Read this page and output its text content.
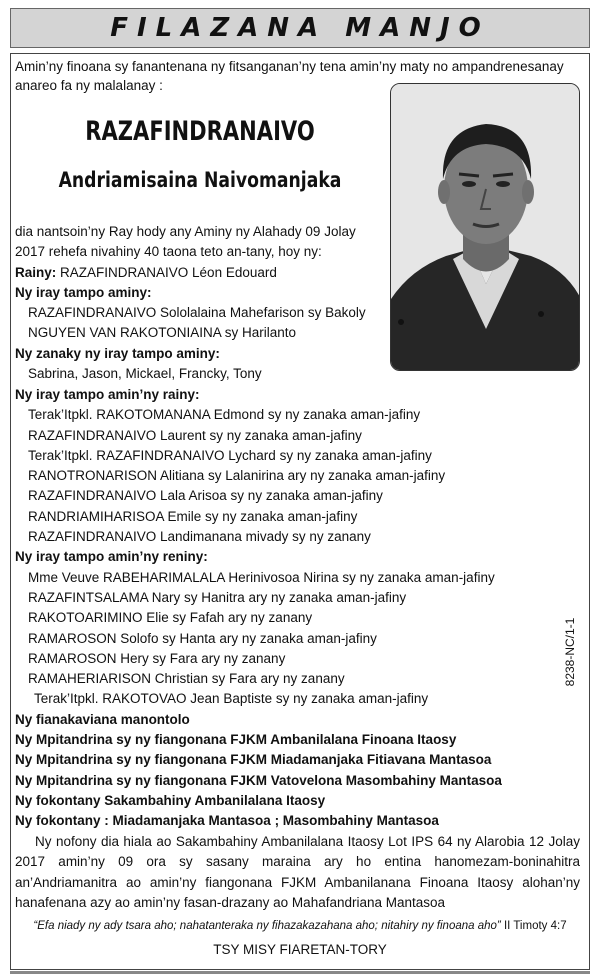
FILAZANA MANJO
Amin’ny finoana sy fanantenana ny fitsanganan’ny tena amin’ny maty no ampandrenesanay anareo fa ny malalanay :
RAZAFINDRANAIVO
Andriamisaina Naivomanjaka
dia nantsoin’ny Ray hody any Aminy ny Alahady 09 Jolay
2017 rehefa nivahiny 40 taona teto an-tany, hoy ny:
Rainy: RAZAFINDRANAIVO Léon Edouard
Ny iray tampo aminy:
RAZAFINDRANAIVO Sololalaina Mahefarison sy Bakoly
NGUYEN VAN RAKOTONIAINA sy Harilanto
Ny zanaky ny iray tampo aminy:
Sabrina, Jason, Mickael, Francky, Tony
Ny iray tampo amin’ny rainy:
Terak’Itpkl. RAKOTOMANANA Edmond sy ny zanaka aman-jafiny
RAZAFINDRANAIVO Laurent sy ny zanaka aman-jafiny
Terak’Itpkl. RAZAFINDRANAIVO Lychard sy ny zanaka aman-jafiny
RANOTRONARISON Alitiana sy Lalanirina ary ny zanaka aman-jafiny
RAZAFINDRANAIVO Lala Arisoa sy ny zanaka aman-jafiny
RANDRIAMIHARISOA Emile sy ny zanaka aman-jafiny
RAZAFINDRANAIVO Landimanana mivady sy ny zanany
Ny iray tampo amin’ny reniny:
Mme Veuve RABEHARIMALALA Herinivosoa Nirina sy ny zanaka aman-jafiny
RAZAFINTSALAMA Nary sy Hanitra ary ny zanaka aman-jafiny
RAKOTOARIMINO Elie sy Fafah ary ny zanany
RAMAROSON Solofo sy Hanta ary ny zanaka aman-jafiny
RAMAROSON Hery sy Fara ary ny zanany
RAMAHERIARISON Christian sy Fara ary ny zanany
Terak’Itpkl. RAKOTOVAO Jean Baptiste sy ny zanaka aman-jafiny
Ny fianakaviana manontolo
Ny Mpitandrina sy ny fiangonana FJKM Ambanilalana Finoana Itaosy
Ny Mpitandrina sy ny fiangonana FJKM Miadamanjaka Fitiavana Mantasoa
Ny Mpitandrina sy ny fiangonana FJKM Vatovelona Masombahiny Mantasoa
Ny fokontany Sakambahiny Ambanilalana Itaosy
Ny fokontany : Miadamanjaka Mantasoa ; Masombahiny Mantasoa
Ny nofony dia hiala ao Sakambahiny Ambanilalana Itaosy Lot IPS 64 ny Alarobia 12 Jolay 2017 amin’ny 09 ora sy sasany maraina ary ho entina hanomezam-boninahitra an’Andriamanitra ao amin’ny fiangonana FJKM Ambanilanana Finoana Itaosy alohan’ny hanafenana azy ao amin’ny fasan-drazany ao Mahafandriana Mantasoa
8238-NC/1-1
“Efa niady ny ady tsara aho; nahatanteraka ny fihazakazahana aho; nitahiry ny finoana aho” II Timoty 4:7
TSY MISY FIARETAN-TORY
